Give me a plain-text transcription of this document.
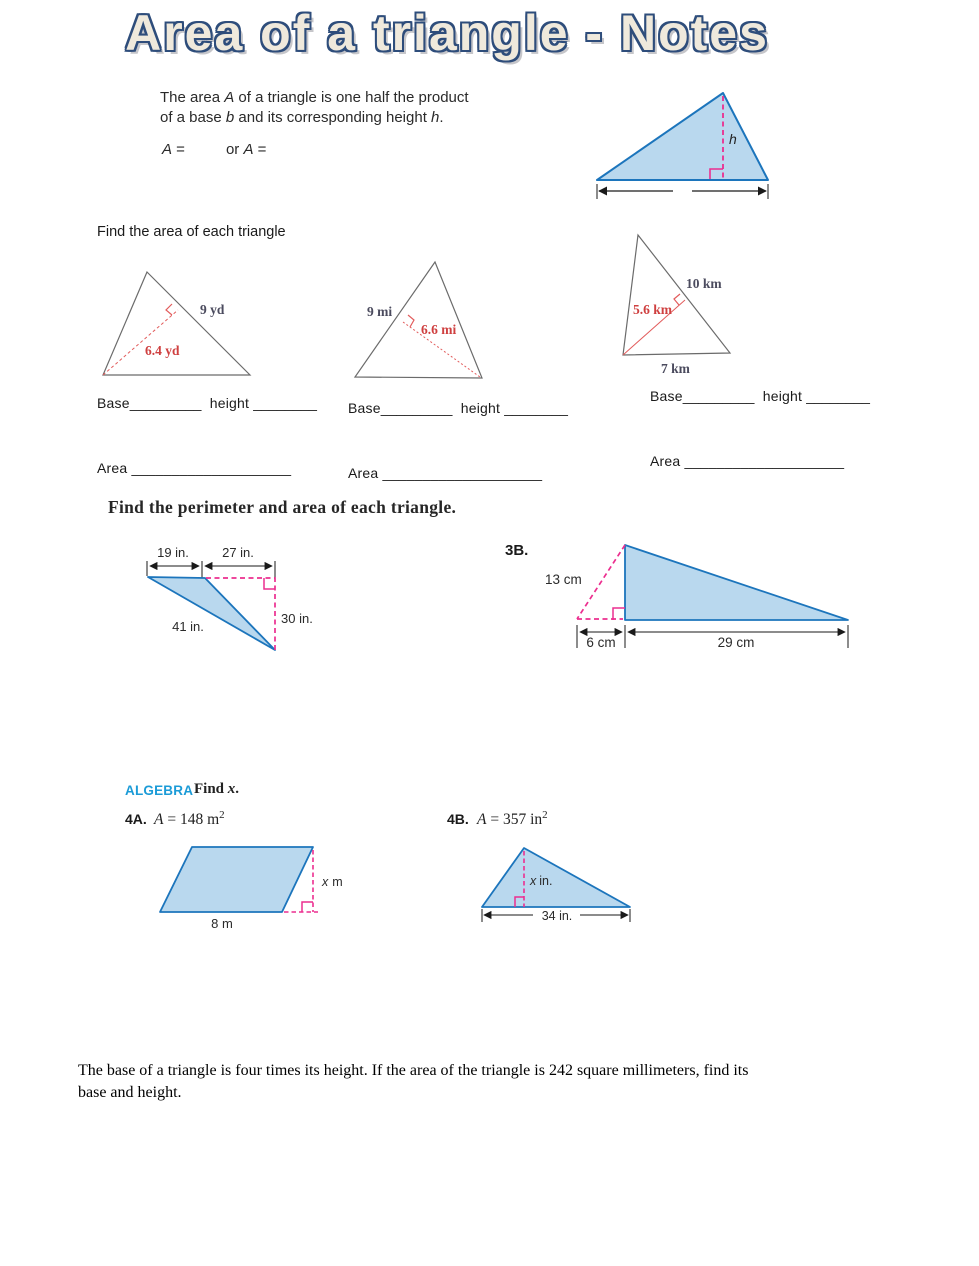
Area of a triangle - Notes
The area A of a triangle is one half the product
of a base b and its corresponding height h.
A =	or A =
h
Find the area of each triangle
9 yd
6.4 yd
9 mi
6.6 mi
10 km
5.6 km
7 km
Base_________  height ________ Base_________  height ________
Base_________  height ________
Area ____________________	Area ____________________
Area ____________________
Find the perimeter and area of each triangle.
19 in.	27 in.
41 in.
30 in.
3B.
13 cm
6 cm	29 cm
ALGEBRA Find x.
4A. A = 148 $m^2$	4B. A = 357 $in^2$
8 m
x m	x in.
34 in.
The base of a triangle is four times its height. If the area of the triangle is 242 square millimeters, find its base and height.
